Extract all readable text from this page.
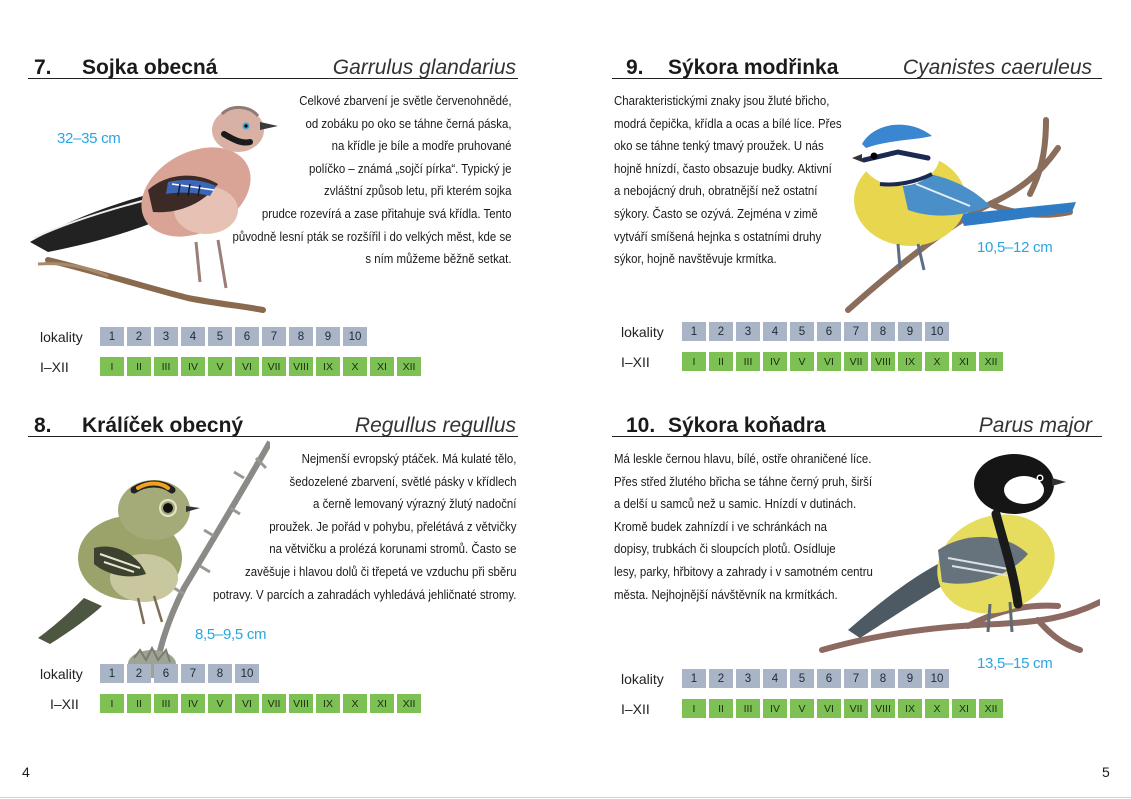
7. Sojka obecná	Garrulus glandarius
32–35 cm
Celkové zbarvení je světle červenohnědé,
od zobáku po oko se táhne černá páska,
na křídle je bíle a modře pruhované
políčko – známá „sojčí pírka“. Typický je
zvláštní způsob letu, při kterém sojka
prudce rozevírá a zase přitahuje svá křídla. Tento
původně lesní pták se rozšířil i do velkých měst, kde se
s ním můžeme běžně setkat.
lokality	1	2	3	4	5	6	7	8	9	10
I–XII	I	II	III	IV	V	VI	VII	VIII	IX	X	XI	XII
8. Králíček obecný	Regullus regullus
8,5–9,5 cm
Nejmenší evropský ptáček. Má kulaté tělo,
šedozelené zbarvení, světlé pásky v křídlech
a černě lemovaný výrazný žlutý nadoční
proužek. Je pořád v pohybu, přelétává z větvičky
na větvičku a prolézá korunami stromů. Často se
zavěšuje i hlavou dolů či třepetá ve vzduchu při sběru
potravy. V parcích a zahradách vyhledává jehličnaté stromy.
lokality	1	2	6	7	8	10
I–XII	I	II	III	IV	V	VI	VII	VIII	IX	X	XI	XII
9. Sýkora modřinka	Cyanistes caeruleus
10,5–12 cm
Charakteristickými znaky jsou žluté břicho,
modrá čepička, křídla a ocas a bílé líce. Přes
oko se táhne tenký tmavý proužek. U nás
hojně hnízdí, často obsazuje budky. Aktivní
a nebojácný druh, obratnější než ostatní
sýkory. Často se ozývá. Zejména v zimě
vytváří smíšená hejnka s ostatními druhy
sýkor, hojně navštěvuje krmítka.
lokality	1	2	3	4	5	6	7	8	9	10
I–XII	I	II	III	IV	V	VI	VII	VIII	IX	X	XI	XII
10. Sýkora koňadra	Parus major
13,5–15 cm
Má leskle černou hlavu, bílé, ostře ohraničené líce.
Přes střed žlutého břicha se táhne černý pruh, širší
a delší u samců než u samic. Hnízdí v dutinách.
Kromě budek zahnízdí i ve schránkách na
dopisy, trubkách či sloupcích plotů. Osídluje
lesy, parky, hřbitovy a zahrady i v samotném centru
města. Nejhojnější návštěvník na krmítkách.
lokality	1	2	3	4	5	6	7	8	9	10
I–XII	I	II	III	IV	V	VI	VII	VIII	IX	X	XI	XII
4	5
